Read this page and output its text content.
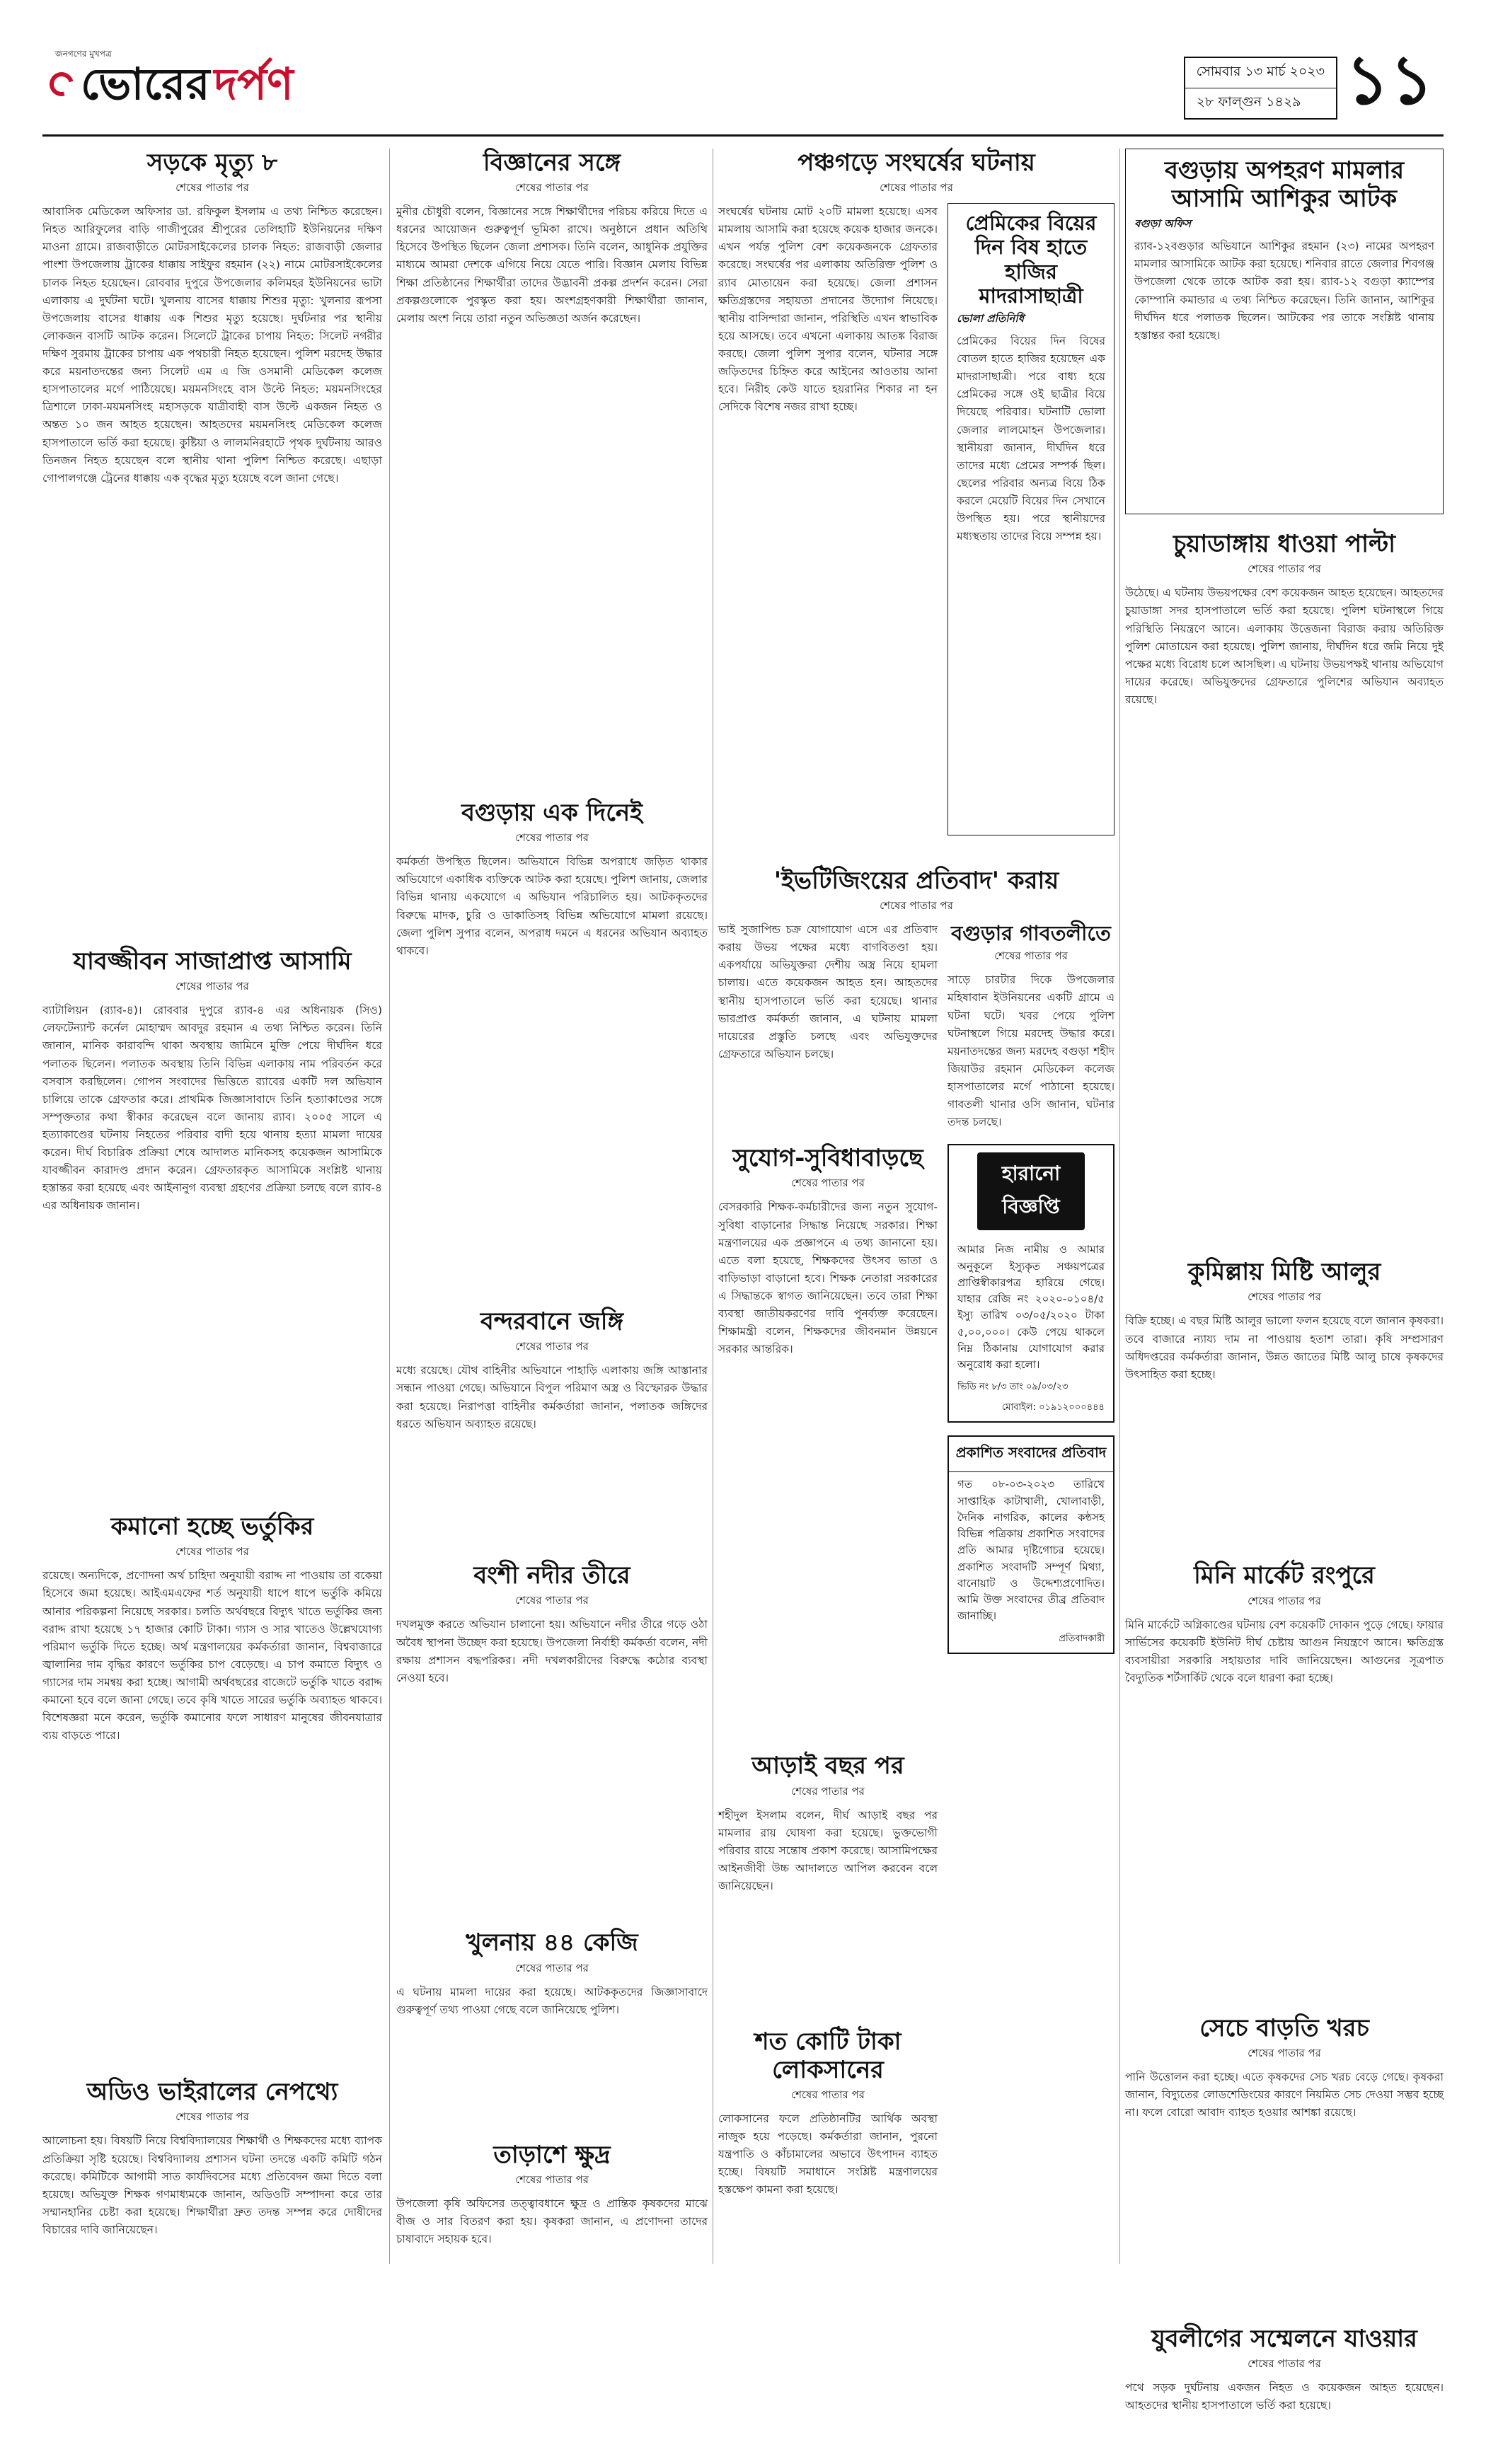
জনগণের মুখপত্র
ভোরের দর্পণ	সোমবার ১৩ মার্চ ২০২৩
২৮ ফাল্গুন ১৪২৯ ১১
সড়কে মৃত্যু ৮
শেষের পাতার পর
আবাসিক মেডিকেল অফিসার ডা. রফিকুল ইসলাম এ তথ্য নিশ্চিত করেছেন। নিহত আরিফুলের বাড়ি গাজীপুরের শ্রীপুরের তেলিহাটি ইউনিয়নের দক্ষিণ মাওনা গ্রামে। রাজবাড়ীতে মোটরসাইকেলের চালক নিহত: রাজবাড়ী জেলার পাংশা উপজেলায় ট্রাকের ধাক্কায় সাইফুর রহমান (২২) নামে মোটরসাইকেলের চালক নিহত হয়েছেন। রোববার দুপুরে উপজেলার কলিমহর ইউনিয়নের ভাটা এলাকায় এ দুর্ঘটনা ঘটে। খুলনায় বাসের ধাক্কায় শিশুর মৃত্যু: খুলনার রূপসা উপজেলায় বাসের ধাক্কায় এক শিশুর মৃত্যু হয়েছে। দুর্ঘটনার পর স্থানীয় লোকজন বাসটি আটক করেন। সিলেটে ট্রাকের চাপায় নিহত: সিলেট নগরীর দক্ষিণ সুরমায় ট্রাকের চাপায় এক পথচারী নিহত হয়েছেন। পুলিশ মরদেহ উদ্ধার করে ময়নাতদন্তের জন্য সিলেট এম এ জি ওসমানী মেডিকেল কলেজ হাসপাতালের মর্গে পাঠিয়েছে। ময়মনসিংহে বাস উল্টে নিহত: ময়মনসিংহের ত্রিশালে ঢাকা-ময়মনসিংহ মহাসড়কে যাত্রীবাহী বাস উল্টে একজন নিহত ও অন্তত ১০ জন আহত হয়েছেন। আহতদের ময়মনসিংহ মেডিকেল কলেজ হাসপাতালে ভর্তি করা হয়েছে। কুষ্টিয়া ও লালমনিরহাটে পৃথক দুর্ঘটনায় আরও তিনজন নিহত হয়েছেন বলে স্থানীয় থানা পুলিশ নিশ্চিত করেছে। এছাড়া গোপালগঞ্জে ট্রেনের ধাক্কায় এক বৃদ্ধের মৃত্যু হয়েছে বলে জানা গেছে।
যাবজ্জীবন সাজাপ্রাপ্ত আসামি
শেষের পাতার পর
ব্যাটালিয়ন (র‍্যাব-৪)। রোববার দুপুরে র‍্যাব-৪ এর অধিনায়ক (সিও) লেফটেন্যান্ট কর্নেল মোহাম্মদ আবদুর রহমান এ তথ্য নিশ্চিত করেন। তিনি জানান, মানিক কারাবন্দি থাকা অবস্থায় জামিনে মুক্তি পেয়ে দীর্ঘদিন ধরে পলাতক ছিলেন। পলাতক অবস্থায় তিনি বিভিন্ন এলাকায় নাম পরিবর্তন করে বসবাস করছিলেন। গোপন সংবাদের ভিত্তিতে র‍্যাবের একটি দল অভিযান চালিয়ে তাকে গ্রেফতার করে। প্রাথমিক জিজ্ঞাসাবাদে তিনি হত্যাকাণ্ডের সঙ্গে সম্পৃক্ততার কথা স্বীকার করেছেন বলে জানায় র‍্যাব। ২০০৫ সালে এ হত্যাকাণ্ডের ঘটনায় নিহতের পরিবার বাদী হয়ে থানায় হত্যা মামলা দায়ের করেন। দীর্ঘ বিচারিক প্রক্রিয়া শেষে আদালত মানিকসহ কয়েকজন আসামিকে যাবজ্জীবন কারাদণ্ড প্রদান করেন। গ্রেফতারকৃত আসামিকে সংশ্লিষ্ট থানায় হস্তান্তর করা হয়েছে এবং আইনানুগ ব্যবস্থা গ্রহণের প্রক্রিয়া চলছে বলে র‍্যাব-৪ এর অধিনায়ক জানান।
কমানো হচ্ছে ভর্তুকির
শেষের পাতার পর
রয়েছে। অন্যদিকে, প্রণোদনা অর্থ চাহিদা অনুযায়ী বরাদ্দ না পাওয়ায় তা বকেয়া হিসেবে জমা হয়েছে। আইএমএফের শর্ত অনুযায়ী ধাপে ধাপে ভর্তুকি কমিয়ে আনার পরিকল্পনা নিয়েছে সরকার। চলতি অর্থবছরে বিদ্যুৎ খাতে ভর্তুকির জন্য বরাদ্দ রাখা হয়েছে ১৭ হাজার কোটি টাকা। গ্যাস ও সার খাতেও উল্লেখযোগ্য পরিমাণ ভর্তুকি দিতে হচ্ছে। অর্থ মন্ত্রণালয়ের কর্মকর্তারা জানান, বিশ্ববাজারে জ্বালানির দাম বৃদ্ধির কারণে ভর্তুকির চাপ বেড়েছে। এ চাপ কমাতে বিদ্যুৎ ও গ্যাসের দাম সমন্বয় করা হচ্ছে। আগামী অর্থবছরের বাজেটে ভর্তুকি খাতে বরাদ্দ কমানো হবে বলে জানা গেছে। তবে কৃষি খাতে সারের ভর্তুকি অব্যাহত থাকবে। বিশেষজ্ঞরা মনে করেন, ভর্তুকি কমানোর ফলে সাধারণ মানুষের জীবনযাত্রার ব্যয় বাড়তে পারে।
অডিও ভাইরালের নেপথ্যে
শেষের পাতার পর
আলোচনা হয়। বিষয়টি নিয়ে বিশ্ববিদ্যালয়ের শিক্ষার্থী ও শিক্ষকদের মধ্যে ব্যাপক প্রতিক্রিয়া সৃষ্টি হয়েছে। বিশ্ববিদ্যালয় প্রশাসন ঘটনা তদন্তে একটি কমিটি গঠন করেছে। কমিটিকে আগামী সাত কার্যদিবসের মধ্যে প্রতিবেদন জমা দিতে বলা হয়েছে। অভিযুক্ত শিক্ষক গণমাধ্যমকে জানান, অডিওটি সম্পাদনা করে তার সম্মানহানির চেষ্টা করা হয়েছে। শিক্ষার্থীরা দ্রুত তদন্ত সম্পন্ন করে দোষীদের বিচারের দাবি জানিয়েছেন।
বিজ্ঞানের সঙ্গে
শেষের পাতার পর
মুনীর চৌধুরী বলেন, বিজ্ঞানের সঙ্গে শিক্ষার্থীদের পরিচয় করিয়ে দিতে এ ধরনের আয়োজন গুরুত্বপূর্ণ ভূমিকা রাখে। অনুষ্ঠানে প্রধান অতিথি হিসেবে উপস্থিত ছিলেন জেলা প্রশাসক। তিনি বলেন, আধুনিক প্রযুক্তির মাধ্যমে আমরা দেশকে এগিয়ে নিয়ে যেতে পারি। বিজ্ঞান মেলায় বিভিন্ন শিক্ষা প্রতিষ্ঠানের শিক্ষার্থীরা তাদের উদ্ভাবনী প্রকল্প প্রদর্শন করেন। সেরা প্রকল্পগুলোকে পুরস্কৃত করা হয়। অংশগ্রহণকারী শিক্ষার্থীরা জানান, মেলায় অংশ নিয়ে তারা নতুন অভিজ্ঞতা অর্জন করেছেন।
বগুড়ায় এক দিনেই
শেষের পাতার পর
কর্মকর্তা উপস্থিত ছিলেন। অভিযানে বিভিন্ন অপরাধে জড়িত থাকার অভিযোগে একাধিক ব্যক্তিকে আটক করা হয়েছে। পুলিশ জানায়, জেলার বিভিন্ন থানায় একযোগে এ অভিযান পরিচালিত হয়। আটককৃতদের বিরুদ্ধে মাদক, চুরি ও ডাকাতিসহ বিভিন্ন অভিযোগে মামলা রয়েছে। জেলা পুলিশ সুপার বলেন, অপরাধ দমনে এ ধরনের অভিযান অব্যাহত থাকবে।
বন্দরবানে জঙ্গি
শেষের পাতার পর
মধ্যে রয়েছে। যৌথ বাহিনীর অভিযানে পাহাড়ি এলাকায় জঙ্গি আস্তানার সন্ধান পাওয়া গেছে। অভিযানে বিপুল পরিমাণ অস্ত্র ও বিস্ফোরক উদ্ধার করা হয়েছে। নিরাপত্তা বাহিনীর কর্মকর্তারা জানান, পলাতক জঙ্গিদের ধরতে অভিযান অব্যাহত রয়েছে।
বংশী নদীর তীরে
শেষের পাতার পর
দখলমুক্ত করতে অভিযান চালানো হয়। অভিযানে নদীর তীরে গড়ে ওঠা অবৈধ স্থাপনা উচ্ছেদ করা হয়েছে। উপজেলা নির্বাহী কর্মকর্তা বলেন, নদী রক্ষায় প্রশাসন বদ্ধপরিকর। নদী দখলকারীদের বিরুদ্ধে কঠোর ব্যবস্থা নেওয়া হবে।
খুলনায় ৪৪ কেজি
শেষের পাতার পর
এ ঘটনায় মামলা দায়ের করা হয়েছে। আটককৃতদের জিজ্ঞাসাবাদে গুরুত্বপূর্ণ তথ্য পাওয়া গেছে বলে জানিয়েছে পুলিশ।
তাড়াশে ক্ষুদ্র
শেষের পাতার পর
উপজেলা কৃষি অফিসের তত্ত্বাবধানে ক্ষুদ্র ও প্রান্তিক কৃষকদের মাঝে বীজ ও সার বিতরণ করা হয়। কৃষকরা জানান, এ প্রণোদনা তাদের চাষাবাদে সহায়ক হবে।
পঞ্চগড়ে সংঘর্ষের ঘটনায়
শেষের পাতার পর
সংঘর্ষের ঘটনায় মোট ২০টি মামলা হয়েছে। এসব মামলায় আসামি করা হয়েছে কয়েক হাজার জনকে। এখন পর্যন্ত পুলিশ বেশ কয়েকজনকে গ্রেফতার করেছে। সংঘর্ষের পর এলাকায় অতিরিক্ত পুলিশ ও র‍্যাব মোতায়েন করা হয়েছে। জেলা প্রশাসন ক্ষতিগ্রস্তদের সহায়তা প্রদানের উদ্যোগ নিয়েছে। স্থানীয় বাসিন্দারা জানান, পরিস্থিতি এখন স্বাভাবিক হয়ে আসছে। তবে এখনো এলাকায় আতঙ্ক বিরাজ করছে। জেলা পুলিশ সুপার বলেন, ঘটনার সঙ্গে জড়িতদের চিহ্নিত করে আইনের আওতায় আনা হবে। নিরীহ কেউ যাতে হয়রানির শিকার না হন সেদিকে বিশেষ নজর রাখা হচ্ছে।
প্রেমিকের বিয়ের দিন বিষ হাতে হাজির মাদরাসাছাত্রী
ভোলা প্রতিনিধি
প্রেমিকের বিয়ের দিন বিষের বোতল হাতে হাজির হয়েছেন এক মাদরাসাছাত্রী। পরে বাধ্য হয়ে প্রেমিকের সঙ্গে ওই ছাত্রীর বিয়ে দিয়েছে পরিবার। ঘটনাটি ভোলা জেলার লালমোহন উপজেলার। স্থানীয়রা জানান, দীর্ঘদিন ধরে তাদের মধ্যে প্রেমের সম্পর্ক ছিল। ছেলের পরিবার অন্যত্র বিয়ে ঠিক করলে মেয়েটি বিয়ের দিন সেখানে উপস্থিত হয়। পরে স্থানীয়দের মধ্যস্থতায় তাদের বিয়ে সম্পন্ন হয়।
'ইভটিজিংয়ের প্রতিবাদ' করায়
শেষের পাতার পর
ভাই সুজাপিন্ড চক্র যোগাযোগ এসে এর প্রতিবাদ করায় উভয় পক্ষের মধ্যে বাগবিতণ্ডা হয়। একপর্যায়ে অভিযুক্তরা দেশীয় অস্ত্র নিয়ে হামলা চালায়। এতে কয়েকজন আহত হন। আহতদের স্থানীয় হাসপাতালে ভর্তি করা হয়েছে। থানার ভারপ্রাপ্ত কর্মকর্তা জানান, এ ঘটনায় মামলা দায়েরের প্রস্তুতি চলছে এবং অভিযুক্তদের গ্রেফতারে অভিযান চলছে।
বগুড়ার গাবতলীতে
শেষের পাতার পর
সাড়ে চারটার দিকে উপজেলার মহিষাবান ইউনিয়নের একটি গ্রামে এ ঘটনা ঘটে। খবর পেয়ে পুলিশ ঘটনাস্থলে গিয়ে মরদেহ উদ্ধার করে। ময়নাতদন্তের জন্য মরদেহ বগুড়া শহীদ জিয়াউর রহমান মেডিকেল কলেজ হাসপাতালের মর্গে পাঠানো হয়েছে। গাবতলী থানার ওসি জানান, ঘটনার তদন্ত চলছে।
সুযোগ-সুবিধাবাড়ছে
শেষের পাতার পর
বেসরকারি শিক্ষক-কর্মচারীদের জন্য নতুন সুযোগ-সুবিধা বাড়ানোর সিদ্ধান্ত নিয়েছে সরকার। শিক্ষা মন্ত্রণালয়ের এক প্রজ্ঞাপনে এ তথ্য জানানো হয়। এতে বলা হয়েছে, শিক্ষকদের উৎসব ভাতা ও বাড়িভাড়া বাড়ানো হবে। শিক্ষক নেতারা সরকারের এ সিদ্ধান্তকে স্বাগত জানিয়েছেন। তবে তারা শিক্ষা ব্যবস্থা জাতীয়করণের দাবি পুনর্ব্যক্ত করেছেন। শিক্ষামন্ত্রী বলেন, শিক্ষকদের জীবনমান উন্নয়নে সরকার আন্তরিক।
আড়াই বছর পর
শেষের পাতার পর
শহীদুল ইসলাম বলেন, দীর্ঘ আড়াই বছর পর মামলার রায় ঘোষণা করা হয়েছে। ভুক্তভোগী পরিবার রায়ে সন্তোষ প্রকাশ করেছে। আসামিপক্ষের আইনজীবী উচ্চ আদালতে আপিল করবেন বলে জানিয়েছেন।
শত কোটি টাকা লোকসানের
শেষের পাতার পর
লোকসানের ফলে প্রতিষ্ঠানটির আর্থিক অবস্থা নাজুক হয়ে পড়েছে। কর্মকর্তারা জানান, পুরনো যন্ত্রপাতি ও কাঁচামালের অভাবে উৎপাদন ব্যাহত হচ্ছে। বিষয়টি সমাধানে সংশ্লিষ্ট মন্ত্রণালয়ের হস্তক্ষেপ কামনা করা হয়েছে।
হারানো বিজ্ঞপ্তি
আমার নিজ নামীয় ও আমার অনুকূলে ইস্যুকৃত সঞ্চয়পত্রের প্রাপ্তিস্বীকারপত্র হারিয়ে গেছে। যাহার রেজি নং ২০২০-০১০৪/৫ ইস্যু তারিখ ০৩/০৫/২০২০ টাকা ৫,০০,০০০। কেউ পেয়ে থাকলে নিম্ন ঠিকানায় যোগাযোগ করার অনুরোধ করা হলো।
ভিডি নং ৮/৩ তাং ০৯/০৩/২৩
মোবাইল: ০১৯১২০০০৪৪৪
প্রকাশিত সংবাদের প্রতিবাদ
গত ০৮-০৩-২০২৩ তারিখে সাপ্তাহিক কাটাখালী, খোলাবাড়ী, দৈনিক নাগরিক, কালের কন্ঠসহ বিভিন্ন পত্রিকায় প্রকাশিত সংবাদের প্রতি আমার দৃষ্টিগোচর হয়েছে। প্রকাশিত সংবাদটি সম্পূর্ণ মিথ্যা, বানোয়াট ও উদ্দেশ্যপ্রণোদিত। আমি উক্ত সংবাদের তীব্র প্রতিবাদ জানাচ্ছি।
প্রতিবাদকারী
বগুড়ায় অপহরণ মামলার আসামি আশিকুর আটক
বগুড়া অফিস
র‍্যাব-১২বগুড়ার অভিযানে আশিকুর রহমান (২৩) নামের অপহরণ মামলার আসামিকে আটক করা হয়েছে। শনিবার রাতে জেলার শিবগঞ্জ উপজেলা থেকে তাকে আটক করা হয়। র‍্যাব-১২ বগুড়া ক্যাম্পের কোম্পানি কমান্ডার এ তথ্য নিশ্চিত করেছেন। তিনি জানান, আশিকুর দীর্ঘদিন ধরে পলাতক ছিলেন। আটকের পর তাকে সংশ্লিষ্ট থানায় হস্তান্তর করা হয়েছে।
চুয়াডাঙ্গায় ধাওয়া পাল্টা
শেষের পাতার পর
উঠেছে। এ ঘটনায় উভয়পক্ষের বেশ কয়েকজন আহত হয়েছেন। আহতদের চুয়াডাঙ্গা সদর হাসপাতালে ভর্তি করা হয়েছে। পুলিশ ঘটনাস্থলে গিয়ে পরিস্থিতি নিয়ন্ত্রণে আনে। এলাকায় উত্তেজনা বিরাজ করায় অতিরিক্ত পুলিশ মোতায়েন করা হয়েছে। পুলিশ জানায়, দীর্ঘদিন ধরে জমি নিয়ে দুই পক্ষের মধ্যে বিরোধ চলে আসছিল। এ ঘটনায় উভয়পক্ষই থানায় অভিযোগ দায়ের করেছে। অভিযুক্তদের গ্রেফতারে পুলিশের অভিযান অব্যাহত রয়েছে।
কুমিল্লায় মিষ্টি আলুর
শেষের পাতার পর
বিক্রি হচ্ছে। এ বছর মিষ্টি আলুর ভালো ফলন হয়েছে বলে জানান কৃষকরা। তবে বাজারে ন্যায্য দাম না পাওয়ায় হতাশ তারা। কৃষি সম্প্রসারণ অধিদপ্তরের কর্মকর্তারা জানান, উন্নত জাতের মিষ্টি আলু চাষে কৃষকদের উৎসাহিত করা হচ্ছে।
মিনি মার্কেট রংপুরে
শেষের পাতার পর
মিনি মার্কেটে অগ্নিকাণ্ডের ঘটনায় বেশ কয়েকটি দোকান পুড়ে গেছে। ফায়ার সার্ভিসের কয়েকটি ইউনিট দীর্ঘ চেষ্টায় আগুন নিয়ন্ত্রণে আনে। ক্ষতিগ্রস্ত ব্যবসায়ীরা সরকারি সহায়তার দাবি জানিয়েছেন। আগুনের সূত্রপাত বৈদ্যুতিক শর্টসার্কিট থেকে বলে ধারণা করা হচ্ছে।
সেচে বাড়তি খরচ
শেষের পাতার পর
পানি উত্তোলন করা হচ্ছে। এতে কৃষকদের সেচ খরচ বেড়ে গেছে। কৃষকরা জানান, বিদ্যুতের লোডশেডিংয়ের কারণে নিয়মিত সেচ দেওয়া সম্ভব হচ্ছে না। ফলে বোরো আবাদ ব্যাহত হওয়ার আশঙ্কা রয়েছে।
যুবলীগের সম্মেলনে যাওয়ার
শেষের পাতার পর
পথে সড়ক দুর্ঘটনায় একজন নিহত ও কয়েকজন আহত হয়েছেন। আহতদের স্থানীয় হাসপাতালে ভর্তি করা হয়েছে।
